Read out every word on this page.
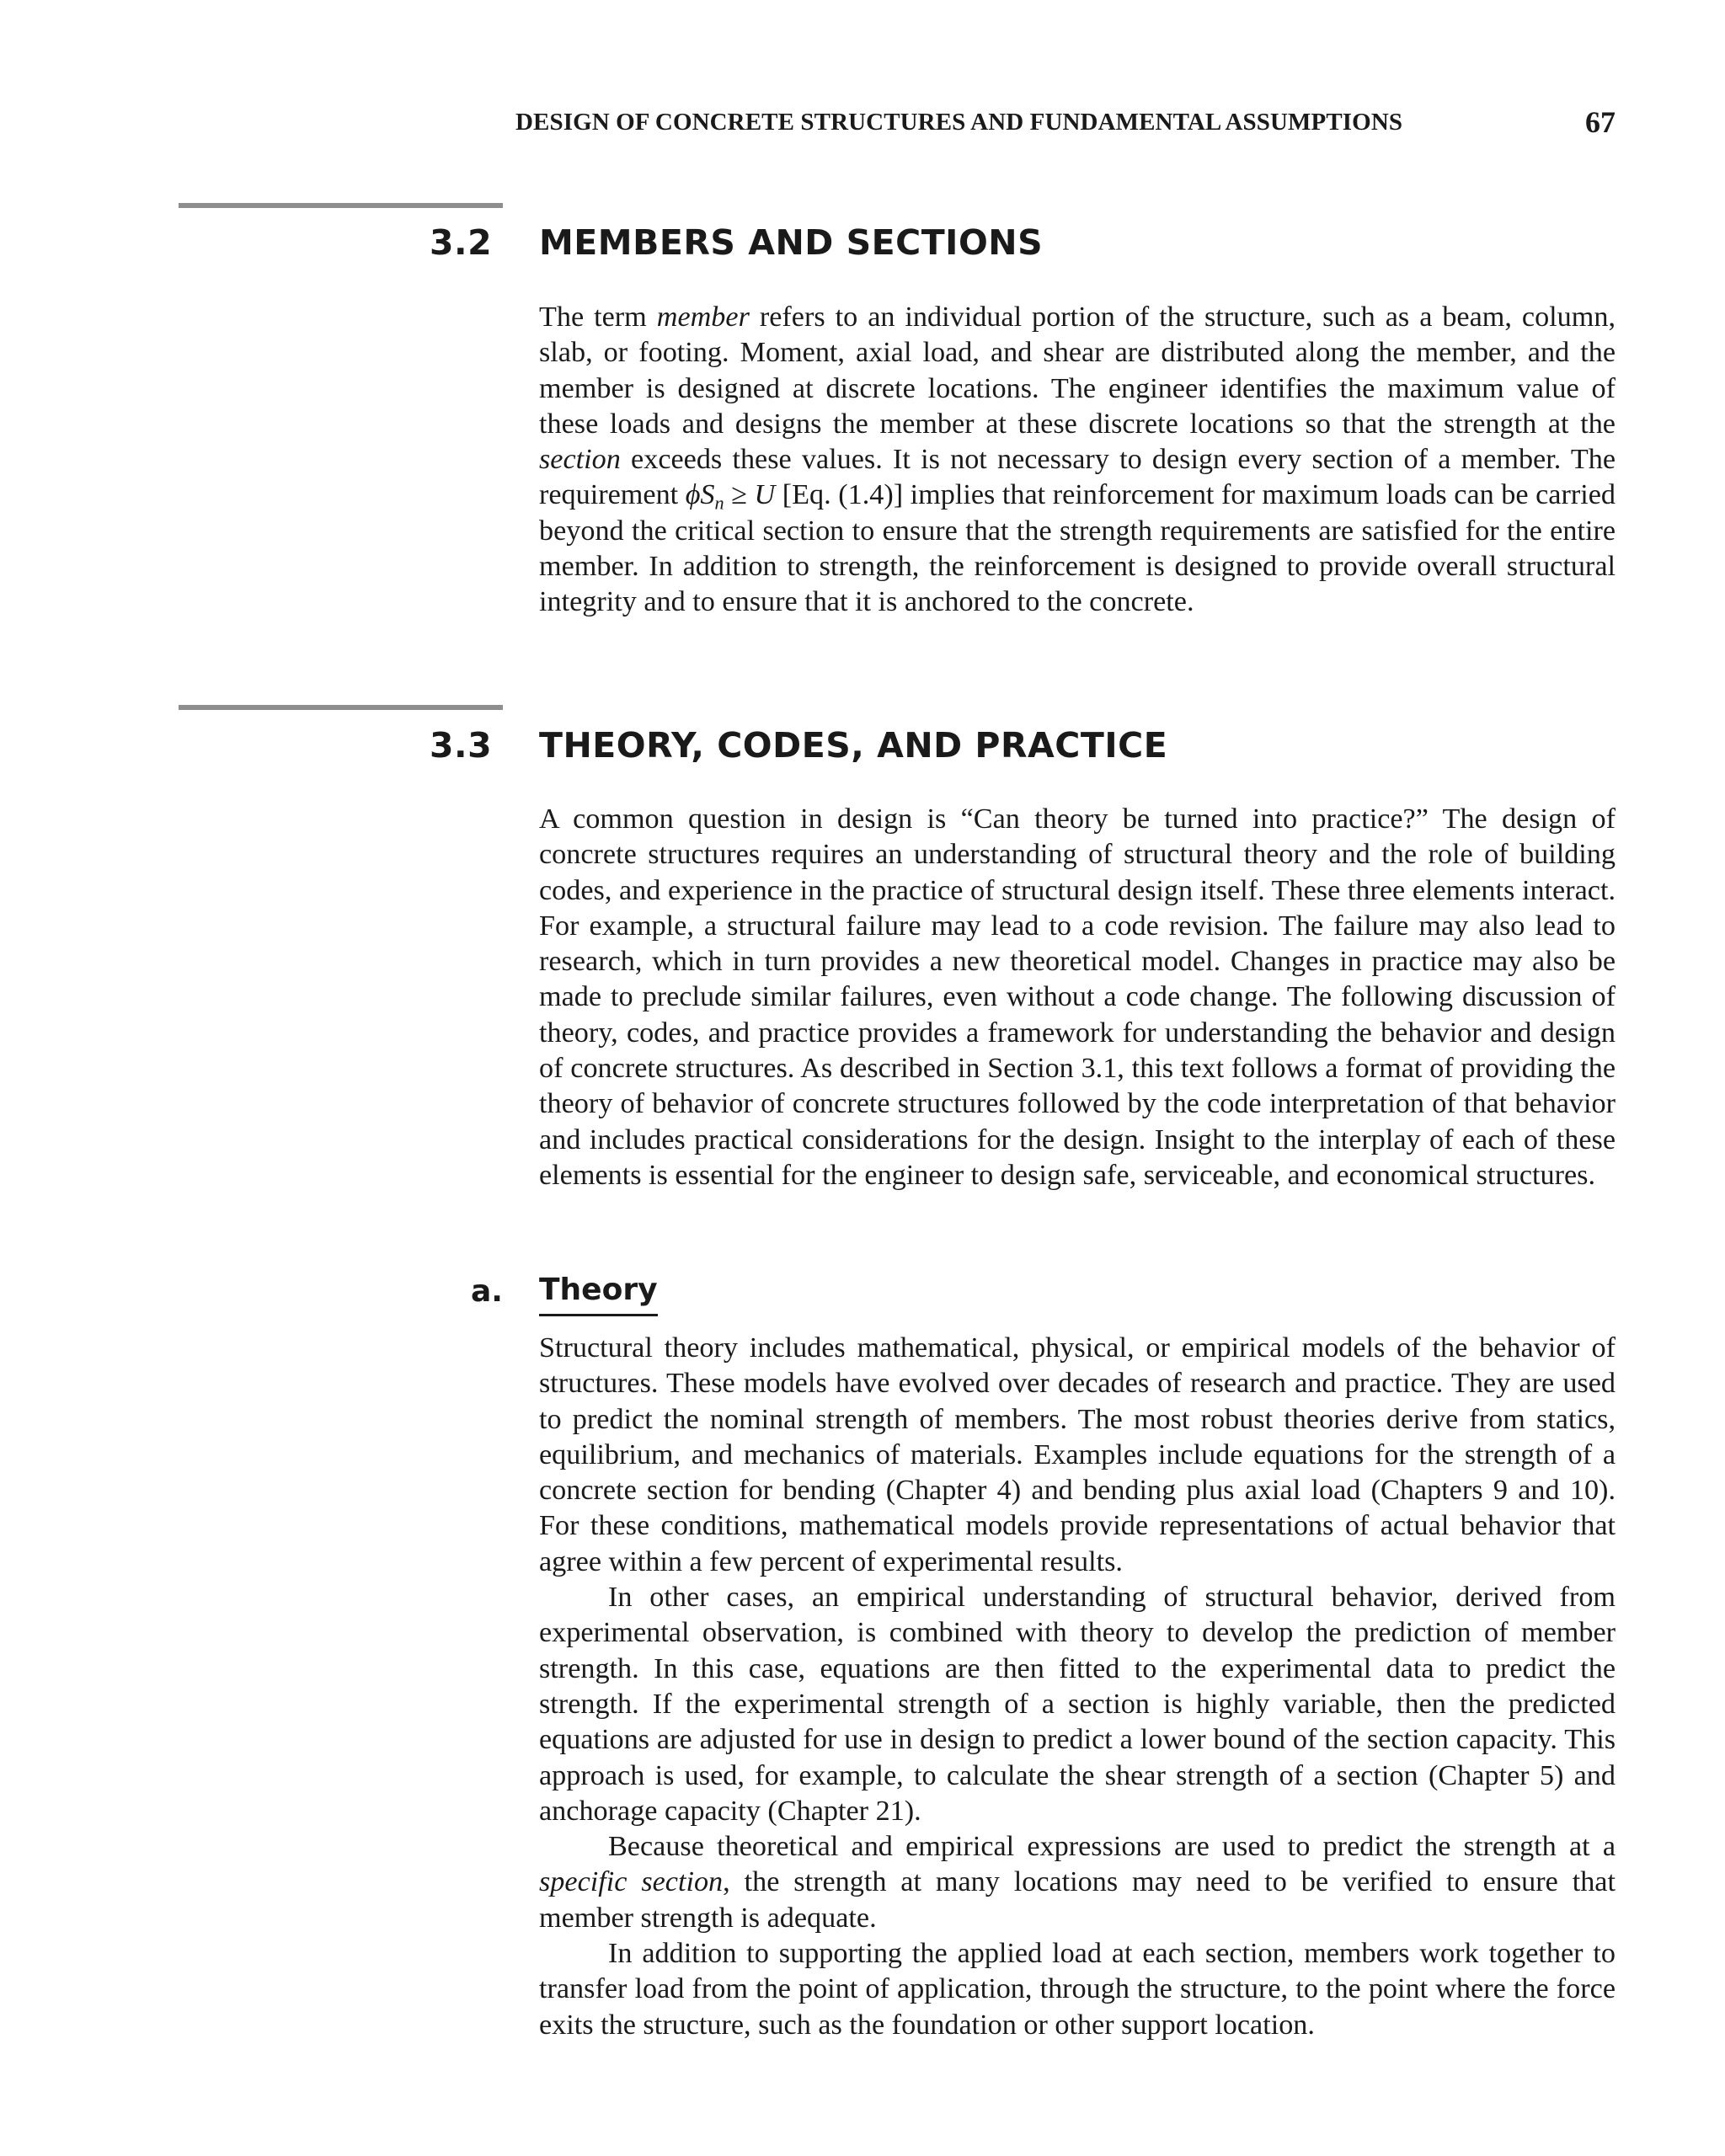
DESIGN OF CONCRETE STRUCTURES AND FUNDAMENTAL ASSUMPTIONS	67
3.2 MEMBERS AND SECTIONS

The term member refers to an individual portion of the structure, such as a beam, column, slab, or footing. Moment, axial load, and shear are distributed along the member, and the member is designed at discrete locations. The engineer identifies the maximum value of these loads and designs the member at these discrete locations so that the strength at the section exceeds these values. It is not necessary to design every section of a member. The requirement $\phi S_n \ge U$ [Eq. (1.4)] implies that reinforcement for maximum loads can be carried beyond the critical section to ensure that the strength requirements are satisfied for the entire member. In addition to strength, the reinforcement is designed to provide overall structural integrity and to ensure that it is anchored to the concrete.

3.3 THEORY, CODES, AND PRACTICE

A common question in design is “Can theory be turned into practice?” The design of concrete structures requires an understanding of structural theory and the role of building codes, and experience in the practice of structural design itself. These three elements interact. For example, a structural failure may lead to a code revision. The failure may also lead to research, which in turn provides a new theoretical model. Changes in practice may also be made to preclude similar failures, even without a code change. The following discussion of theory, codes, and practice provides a framework for understanding the behavior and design of concrete structures. As described in Section 3.1, this text follows a format of providing the theory of behavior of concrete structures followed by the code interpretation of that behavior and includes practical considerations for the design. Insight to the interplay of each of these elements is essential for the engineer to design safe, serviceable, and economical structures.

a. Theory

Structural theory includes mathematical, physical, or empirical models of the behavior of structures. These models have evolved over decades of research and practice. They are used to predict the nominal strength of members. The most robust theories derive from statics, equilibrium, and mechanics of materials. Examples include equations for the strength of a concrete section for bending (Chapter 4) and bending plus axial load (Chapters 9 and 10). For these conditions, mathematical models provide representations of actual behavior that agree within a few percent of experimental results.

In other cases, an empirical understanding of structural behavior, derived from experimental observation, is combined with theory to develop the prediction of member strength. In this case, equations are then fitted to the experimental data to predict the strength. If the experimental strength of a section is highly variable, then the predicted equations are adjusted for use in design to predict a lower bound of the section capacity. This approach is used, for example, to calculate the shear strength of a section (Chapter 5) and anchorage capacity (Chapter 21).

Because theoretical and empirical expressions are used to predict the strength at a specific section, the strength at many locations may need to be verified to ensure that member strength is adequate.

In addition to supporting the applied load at each section, members work together to transfer load from the point of application, through the structure, to the point where the force exits the structure, such as the foundation or other support location.
